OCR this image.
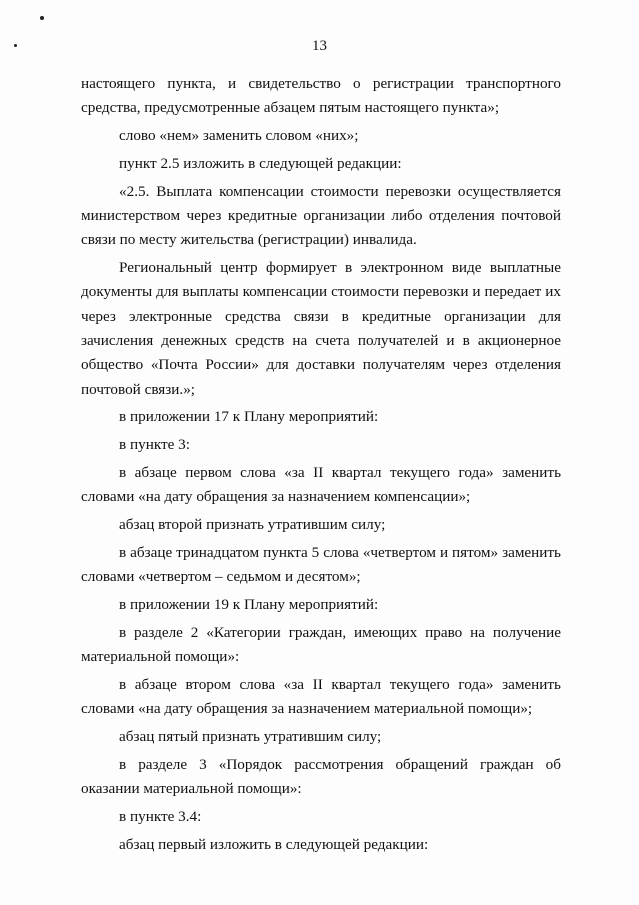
13

настоящего пункта, и свидетельство о регистрации транспортного средства, предусмотренные абзацем пятым настоящего пункта»;

слово «нем» заменить словом «них»;

пункт 2.5 изложить в следующей редакции:

«2.5. Выплата компенсации стоимости перевозки осуществляется министерством через кредитные организации либо отделения почтовой связи по месту жительства (регистрации) инвалида.

Региональный центр формирует в электронном виде выплатные документы для выплаты компенсации стоимости перевозки и передает их через электронные средства связи в кредитные организации для зачисления денежных средств на счета получателей и в акционерное общество «Почта России» для доставки получателям через отделения почтовой связи.»;

в приложении 17 к Плану мероприятий:

в пункте 3:

в абзаце первом слова «за II квартал текущего года» заменить словами «на дату обращения за назначением компенсации»;

абзац второй признать утратившим силу;

в абзаце тринадцатом пункта 5 слова «четвертом и пятом» заменить словами «четвертом – седьмом и десятом»;

в приложении 19 к Плану мероприятий:

в разделе 2 «Категории граждан, имеющих право на получение материальной помощи»:

в абзаце втором слова «за II квартал текущего года» заменить словами «на дату обращения за назначением материальной помощи»;

абзац пятый признать утратившим силу;

в разделе 3 «Порядок рассмотрения обращений граждан об оказании материальной помощи»:

в пункте 3.4:

абзац первый изложить в следующей редакции:
